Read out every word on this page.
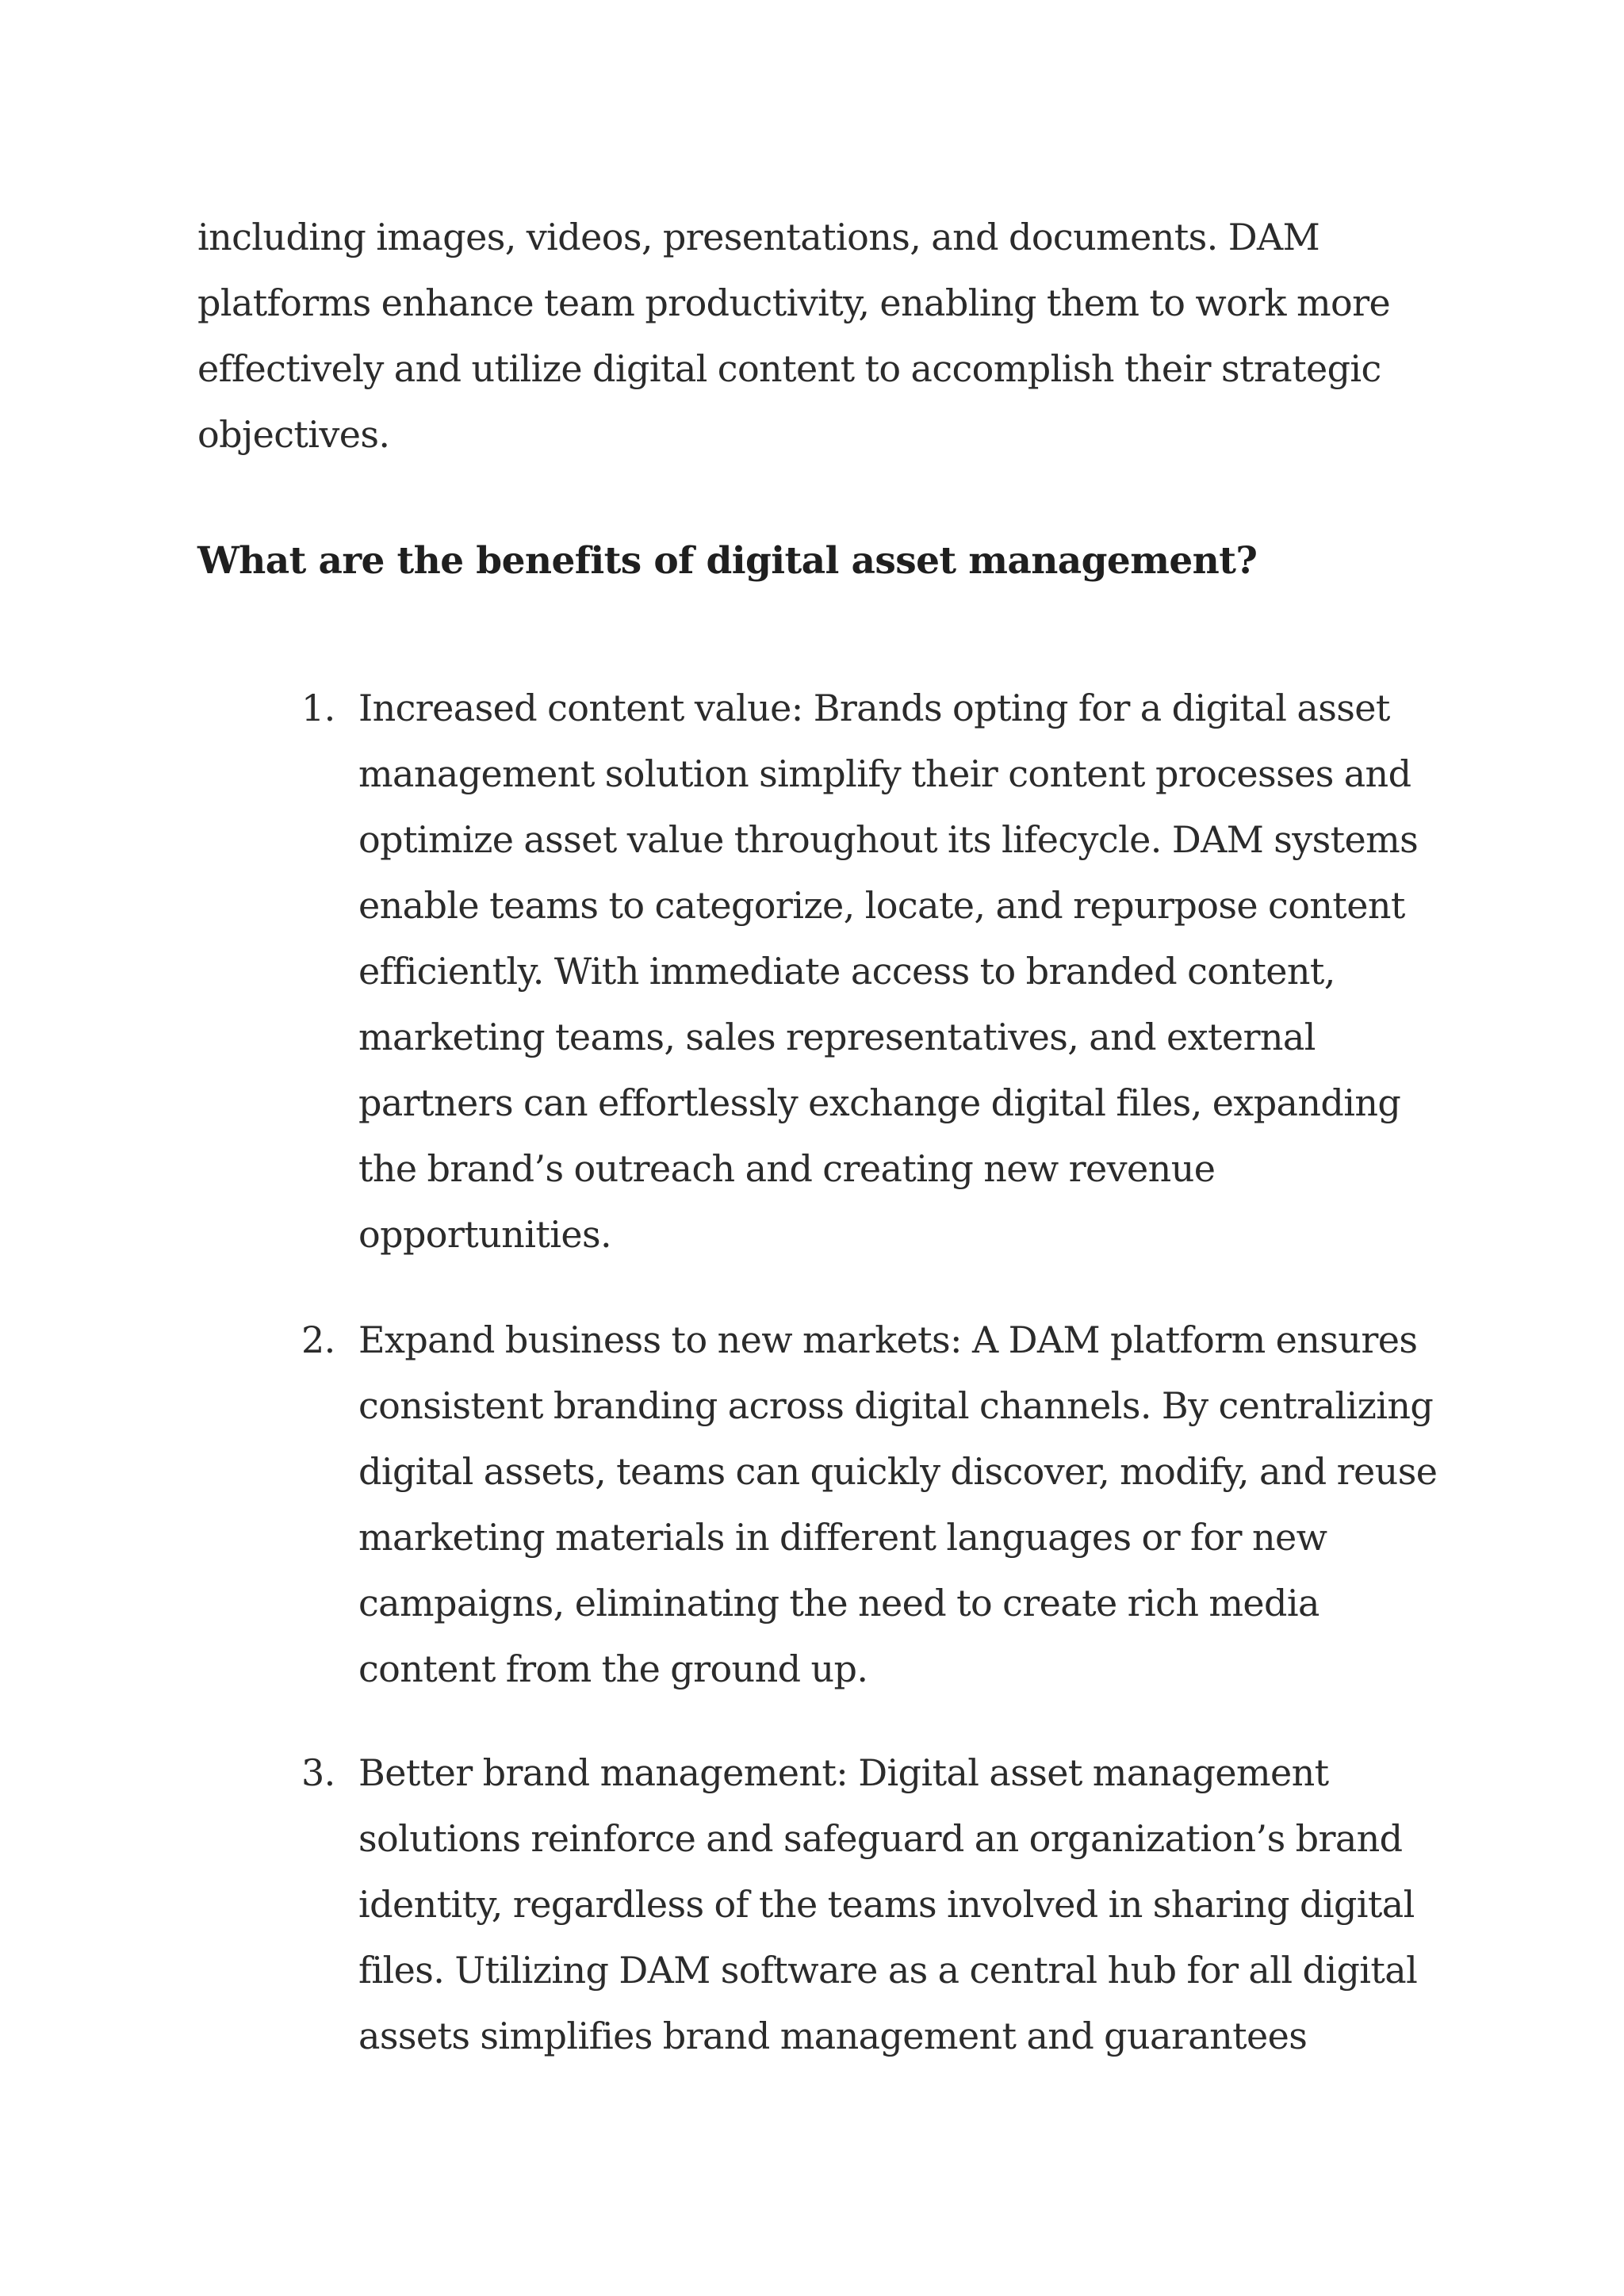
including images, videos, presentations, and documents. DAM platforms enhance team productivity, enabling them to work more effectively and utilize digital content to accomplish their strategic objectives.

What are the benefits of digital asset management?
1. Increased content value: Brands opting for a digital asset management solution simplify their content processes and optimize asset value throughout its lifecycle. DAM systems enable teams to categorize, locate, and repurpose content efficiently. With immediate access to branded content, marketing teams, sales representatives, and external partners can effortlessly exchange digital files, expanding the brand’s outreach and creating new revenue opportunities.

2. Expand business to new markets: A DAM platform ensures consistent branding across digital channels. By centralizing digital assets, teams can quickly discover, modify, and reuse marketing materials in different languages or for new campaigns, eliminating the need to create rich media content from the ground up.

3. Better brand management: Digital asset management solutions reinforce and safeguard an organization’s brand identity, regardless of the teams involved in sharing digital files. Utilizing DAM software as a central hub for all digital assets simplifies brand management and guarantees
